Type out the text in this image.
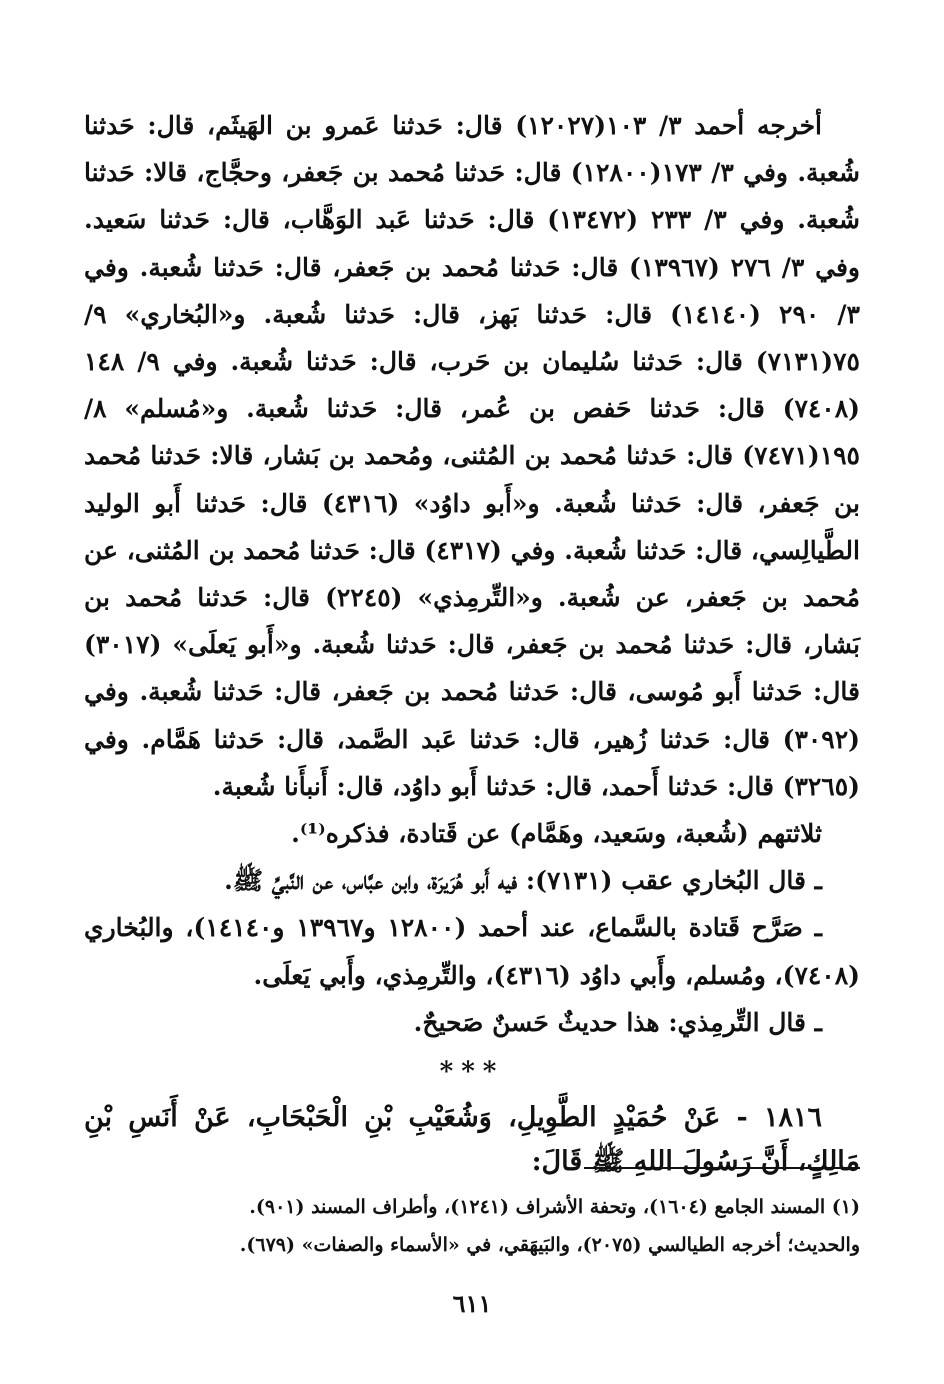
أخرجه أحمد ٣/ ١٠٣(١٢٠٢٧) قال: حَدثنا عَمرو بن الهَيثَم، قال: حَدثنا شُعبة. وفي ٣/ ١٧٣(١٢٨٠٠) قال: حَدثنا مُحمد بن جَعفر، وحجَّاج، قالا: حَدثنا شُعبة. وفي ٣/ ٢٣٣ (١٣٤٧٢) قال: حَدثنا عَبد الوَهَّاب، قال: حَدثنا سَعيد. وفي ٣/ ٢٧٦ (١٣٩٦٧) قال: حَدثنا مُحمد بن جَعفر، قال: حَدثنا شُعبة. وفي ٣/ ٢٩٠ (١٤١٤٠) قال: حَدثنا بَهز، قال: حَدثنا شُعبة. و«البُخاري» ٩/ ٧٥(٧١٣١) قال: حَدثنا سُليمان بن حَرب، قال: حَدثنا شُعبة. وفي ٩/ ١٤٨ (٧٤٠٨) قال: حَدثنا حَفص بن عُمر، قال: حَدثنا شُعبة. و«مُسلم» ٨/ ١٩٥(٧٤٧١) قال: حَدثنا مُحمد بن المُثنى، ومُحمد بن بَشار، قالا: حَدثنا مُحمد بن جَعفر، قال: حَدثنا شُعبة. و«أَبو داوُد» (٤٣١٦) قال: حَدثنا أَبو الوليد الطَّيالِسي، قال: حَدثنا شُعبة. وفي (٤٣١٧) قال: حَدثنا مُحمد بن المُثنى، عن مُحمد بن جَعفر، عن شُعبة. و«التِّرمِذي» (٢٢٤٥) قال: حَدثنا مُحمد بن بَشار، قال: حَدثنا مُحمد بن جَعفر، قال: حَدثنا شُعبة. و«أَبو يَعلَى» (٣٠١٧) قال: حَدثنا أَبو مُوسى، قال: حَدثنا مُحمد بن جَعفر، قال: حَدثنا شُعبة. وفي (٣٠٩٢) قال: حَدثنا زُهير، قال: حَدثنا عَبد الصَّمد، قال: حَدثنا هَمَّام. وفي (٣٢٦٥) قال: حَدثنا أَحمد، قال: حَدثنا أَبو داوُد، قال: أَنبأَنا شُعبة.

ثلاثتهم (شُعبة، وسَعيد، وهَمَّام) عن قَتادة، فذكره⁽¹⁾.

ـ قال البُخاري عقب (٧١٣١): فيه أَبو هُرَيرَة، وابن عبَّاس، عن النَّبيِّ ﷺ.

ـ صَرَّح قَتادة بالسَّماع، عند أحمد (١٢٨٠٠ و١٣٩٦٧ و١٤١٤٠)، والبُخاري (٧٤٠٨)، ومُسلم، وأَبي داوُد (٤٣١٦)، والتِّرمِذي، وأَبي يَعلَى.

ـ قال التِّرمِذي: هذا حديثٌ حَسنٌ صَحيحٌ.

***

١٨١٦ - عَنْ حُمَيْدٍ الطَّوِيلِ، وَشُعَيْبِ بْنِ الْحَبْحَابِ، عَنْ أَنَسِ بْنِ مَالِكٍ، أَنَّ رَسُولَ اللهِ ﷺ قَالَ:

(١) المسند الجامع (١٦٠٤)، وتحفة الأشراف (١٢٤١)، وأطراف المسند (٩٠١).

والحديث؛ أخرجه الطيالسي (٢٠٧٥)، والبَيهَقي، في «الأسماء والصفات» (٦٧٩).

٦١١
